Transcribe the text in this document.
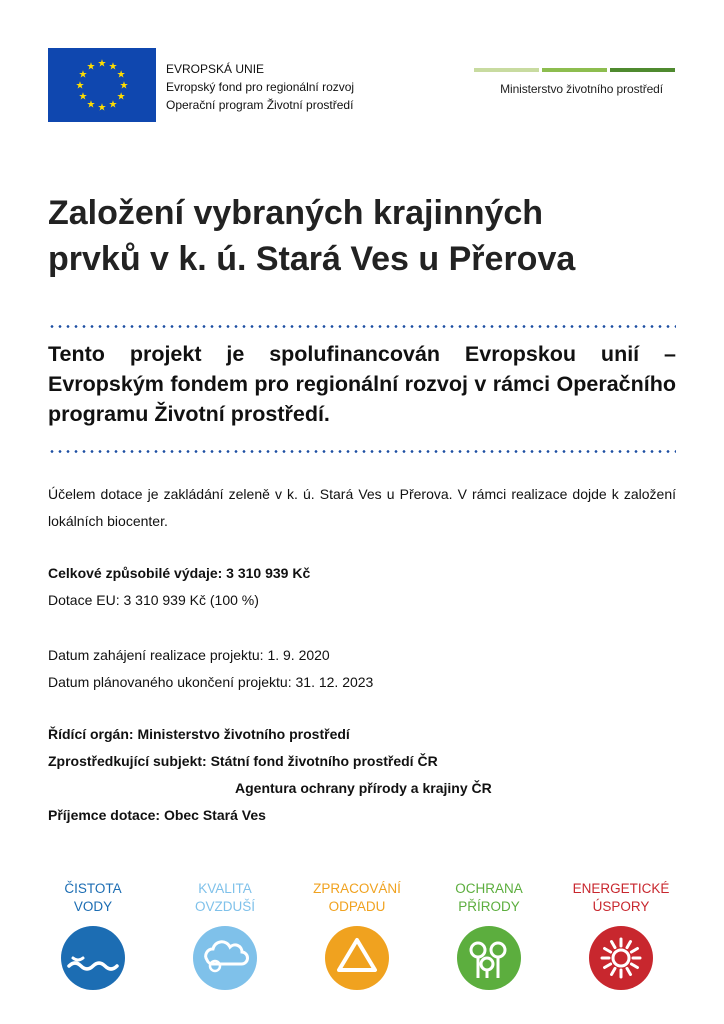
★ ★
★
★
★
★
★
★
★
★
★
★	EVROPSKÁ UNIE
Evropský fond pro regionální rozvoj
Operační program Životní prostředí
Ministerstvo životního prostředí
Založení vybraných krajinných
prvků v k. ú. Stará Ves u Přerova
Tento projekt je spolufinancován Evropskou unií – Evropským fondem pro regionální rozvoj v rámci Operačního programu Životní prostředí.
Účelem dotace je zakládání zeleně v k. ú. Stará Ves u Přerova. V rámci realizace dojde k založení lokálních biocenter.
Celkové způsobilé výdaje: 3 310 939 Kč
Dotace EU: 3 310 939 Kč (100 %)
Datum zahájení realizace projektu: 1. 9. 2020
Datum plánovaného ukončení projektu: 31. 12. 2023
Řídící orgán: Ministerstvo životního prostředí
Zprostředkující subjekt: Státní fond životního prostředí ČR
Agentura ochrany přírody a krajiny ČR
Příjemce dotace: Obec Stará Ves
ČISTOTA
VODY
KVALITA
OVZDUŠÍ
ZPRACOVÁNÍ
ODPADU
OCHRANA
PŘÍRODY
ENERGETICKÉ
ÚSPORY
